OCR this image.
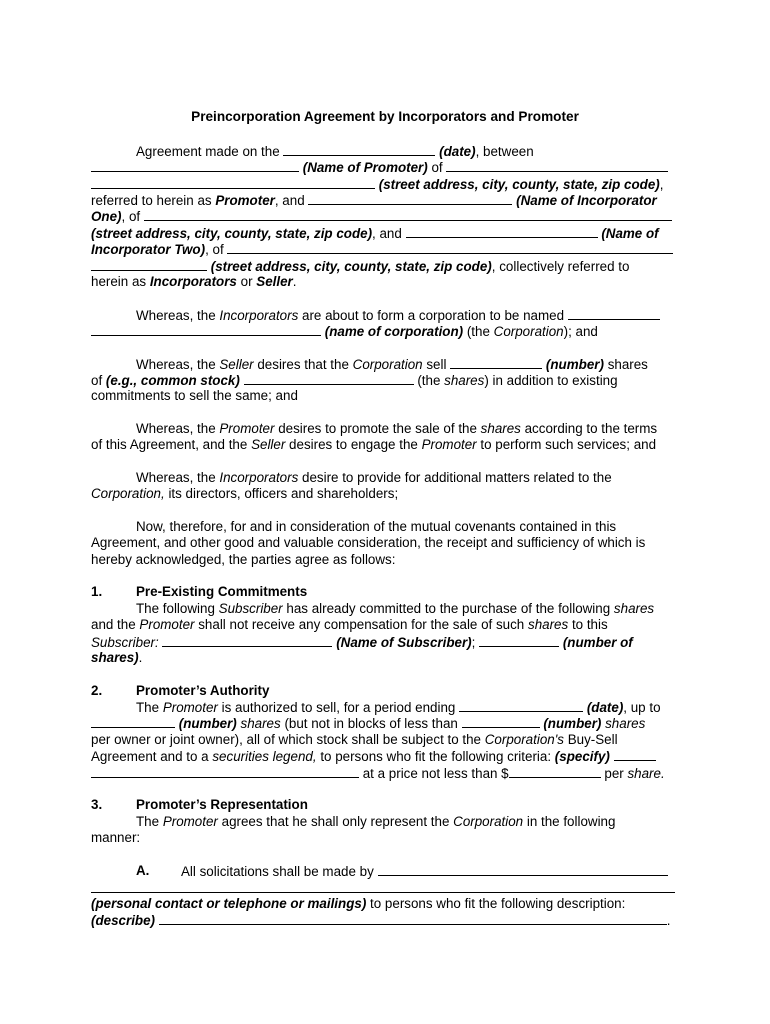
Preincorporation Agreement by Incorporators and Promoter
Agreement made on the	(date), between
(Name of Promoter) of
(street address, city, county, state, zip code),
referred to herein as Promoter, and	(Name of Incorporator
One), of
(street address, city, county, state, zip code), and	(Name of
Incorporator Two), of
(street address, city, county, state, zip code), collectively referred to
herein as Incorporators or Seller.
Whereas, the Incorporators are about to form a corporation to be named
(name of corporation) (the Corporation); and
Whereas, the Seller desires that the Corporation sell	(number) shares
of (e.g., common stock)	(the shares) in addition to existing
commitments to sell the same; and
Whereas, the Promoter desires to promote the sale of the shares according to the terms
of this Agreement, and the Seller desires to engage the Promoter to perform such services; and
Whereas, the Incorporators desire to provide for additional matters related to the
Corporation, its directors, officers and shareholders;
Now, therefore, for and in consideration of the mutual covenants contained in this
Agreement, and other good and valuable consideration, the receipt and sufficiency of which is
hereby acknowledged, the parties agree as follows:
1.	Pre-Existing Commitments
The following Subscriber has already committed to the purchase of the following shares
and the Promoter shall not receive any compensation for the sale of such shares to this
Subscriber:	(Name of Subscriber);	(number of
shares).
2.	Promoter’s Authority
The Promoter is authorized to sell, for a period ending	(date), up to
(number) shares (but not in blocks of less than	(number) shares
per owner or joint owner), all of which stock shall be subject to the Corporation's Buy-Sell
Agreement and to a securities legend, to persons who fit the following criteria: (specify)
at a price not less than $	per share.
3.	Promoter’s Representation
The Promoter agrees that he shall only represent the Corporation in the following
manner:
A. All solicitations shall be made by
(personal contact or telephone or mailings) to persons who fit the following description:
(describe)	.
